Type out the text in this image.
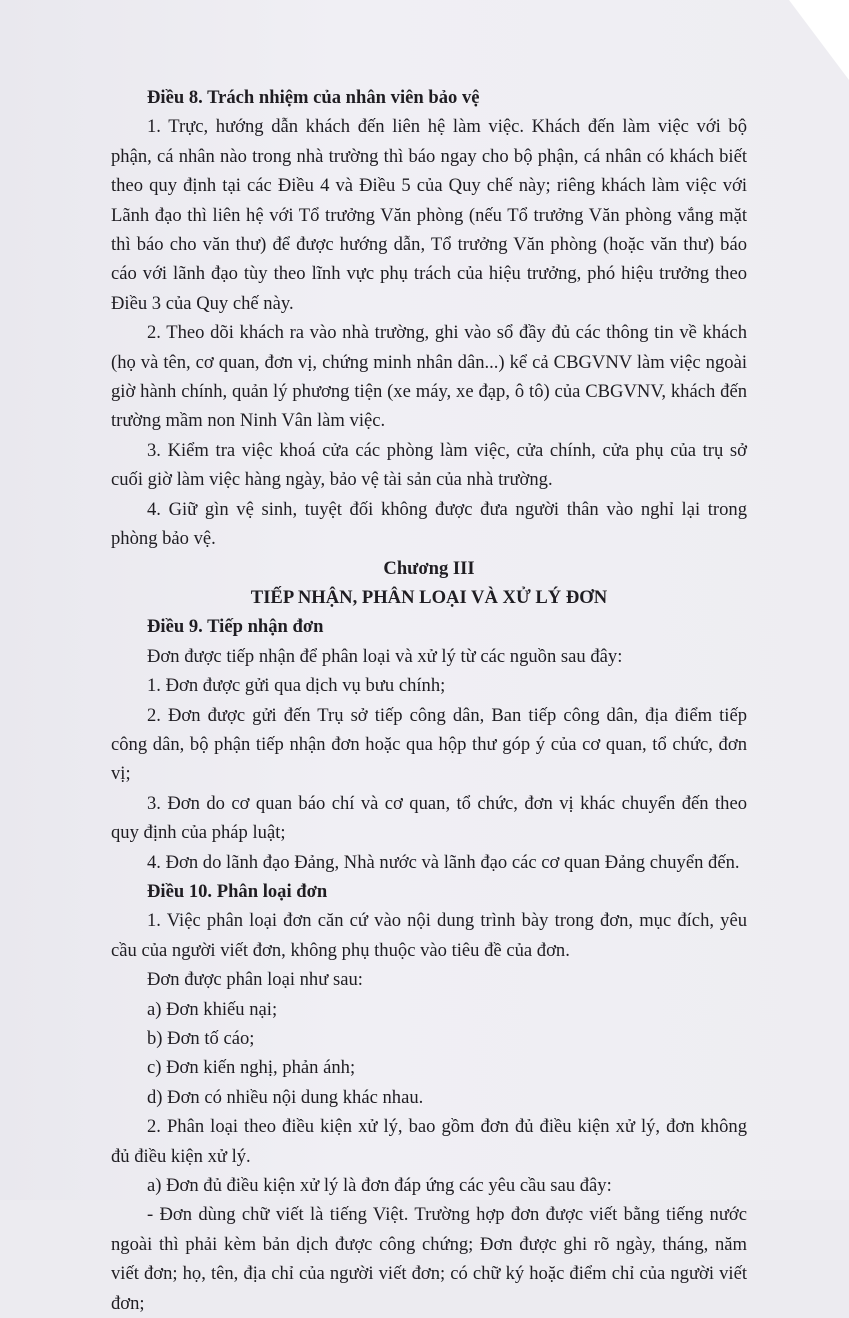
Điều 8. Trách nhiệm của nhân viên bảo vệ

1. Trực, hướng dẫn khách đến liên hệ làm việc. Khách đến làm việc với bộ phận, cá nhân nào trong nhà trường thì báo ngay cho bộ phận, cá nhân có khách biết theo quy định tại các Điều 4 và Điều 5 của Quy chế này; riêng khách làm việc với Lãnh đạo thì liên hệ với Tổ trưởng Văn phòng (nếu Tổ trưởng Văn phòng vắng mặt thì báo cho văn thư) để được hướng dẫn, Tổ trưởng Văn phòng (hoặc văn thư) báo cáo với lãnh đạo tùy theo lĩnh vực phụ trách của hiệu trưởng, phó hiệu trưởng theo Điều 3 của Quy chế này.

2. Theo dõi khách ra vào nhà trường, ghi vào sổ đầy đủ các thông tin về khách (họ và tên, cơ quan, đơn vị, chứng minh nhân dân...) kể cả CBGVNV làm việc ngoài giờ hành chính, quản lý phương tiện (xe máy, xe đạp, ô tô) của CBGVNV, khách đến trường mầm non Ninh Vân làm việc.

3. Kiểm tra việc khoá cửa các phòng làm việc, cửa chính, cửa phụ của trụ sở cuối giờ làm việc hàng ngày, bảo vệ tài sản của nhà trường.

4. Giữ gìn vệ sinh, tuyệt đối không được đưa người thân vào nghỉ lại trong phòng bảo vệ.

Chương III

TIẾP NHẬN, PHÂN LOẠI VÀ XỬ LÝ ĐƠN

Điều 9. Tiếp nhận đơn

Đơn được tiếp nhận để phân loại và xử lý từ các nguồn sau đây:

1. Đơn được gửi qua dịch vụ bưu chính;

2. Đơn được gửi đến Trụ sở tiếp công dân, Ban tiếp công dân, địa điểm tiếp công dân, bộ phận tiếp nhận đơn hoặc qua hộp thư góp ý của cơ quan, tổ chức, đơn vị;

3. Đơn do cơ quan báo chí và cơ quan, tổ chức, đơn vị khác chuyển đến theo quy định của pháp luật;

4. Đơn do lãnh đạo Đảng, Nhà nước và lãnh đạo các cơ quan Đảng chuyển đến.

Điều 10. Phân loại đơn

1. Việc phân loại đơn căn cứ vào nội dung trình bày trong đơn, mục đích, yêu cầu của người viết đơn, không phụ thuộc vào tiêu đề của đơn.

Đơn được phân loại như sau:

a) Đơn khiếu nại;

b) Đơn tố cáo;

c) Đơn kiến nghị, phản ánh;

d) Đơn có nhiều nội dung khác nhau.

2. Phân loại theo điều kiện xử lý, bao gồm đơn đủ điều kiện xử lý, đơn không đủ điều kiện xử lý.

a) Đơn đủ điều kiện xử lý là đơn đáp ứng các yêu cầu sau đây:

- Đơn dùng chữ viết là tiếng Việt. Trường hợp đơn được viết bằng tiếng nước ngoài thì phải kèm bản dịch được công chứng; Đơn được ghi rõ ngày, tháng, năm viết đơn; họ, tên, địa chỉ của người viết đơn; có chữ ký hoặc điểm chỉ của người viết đơn;
